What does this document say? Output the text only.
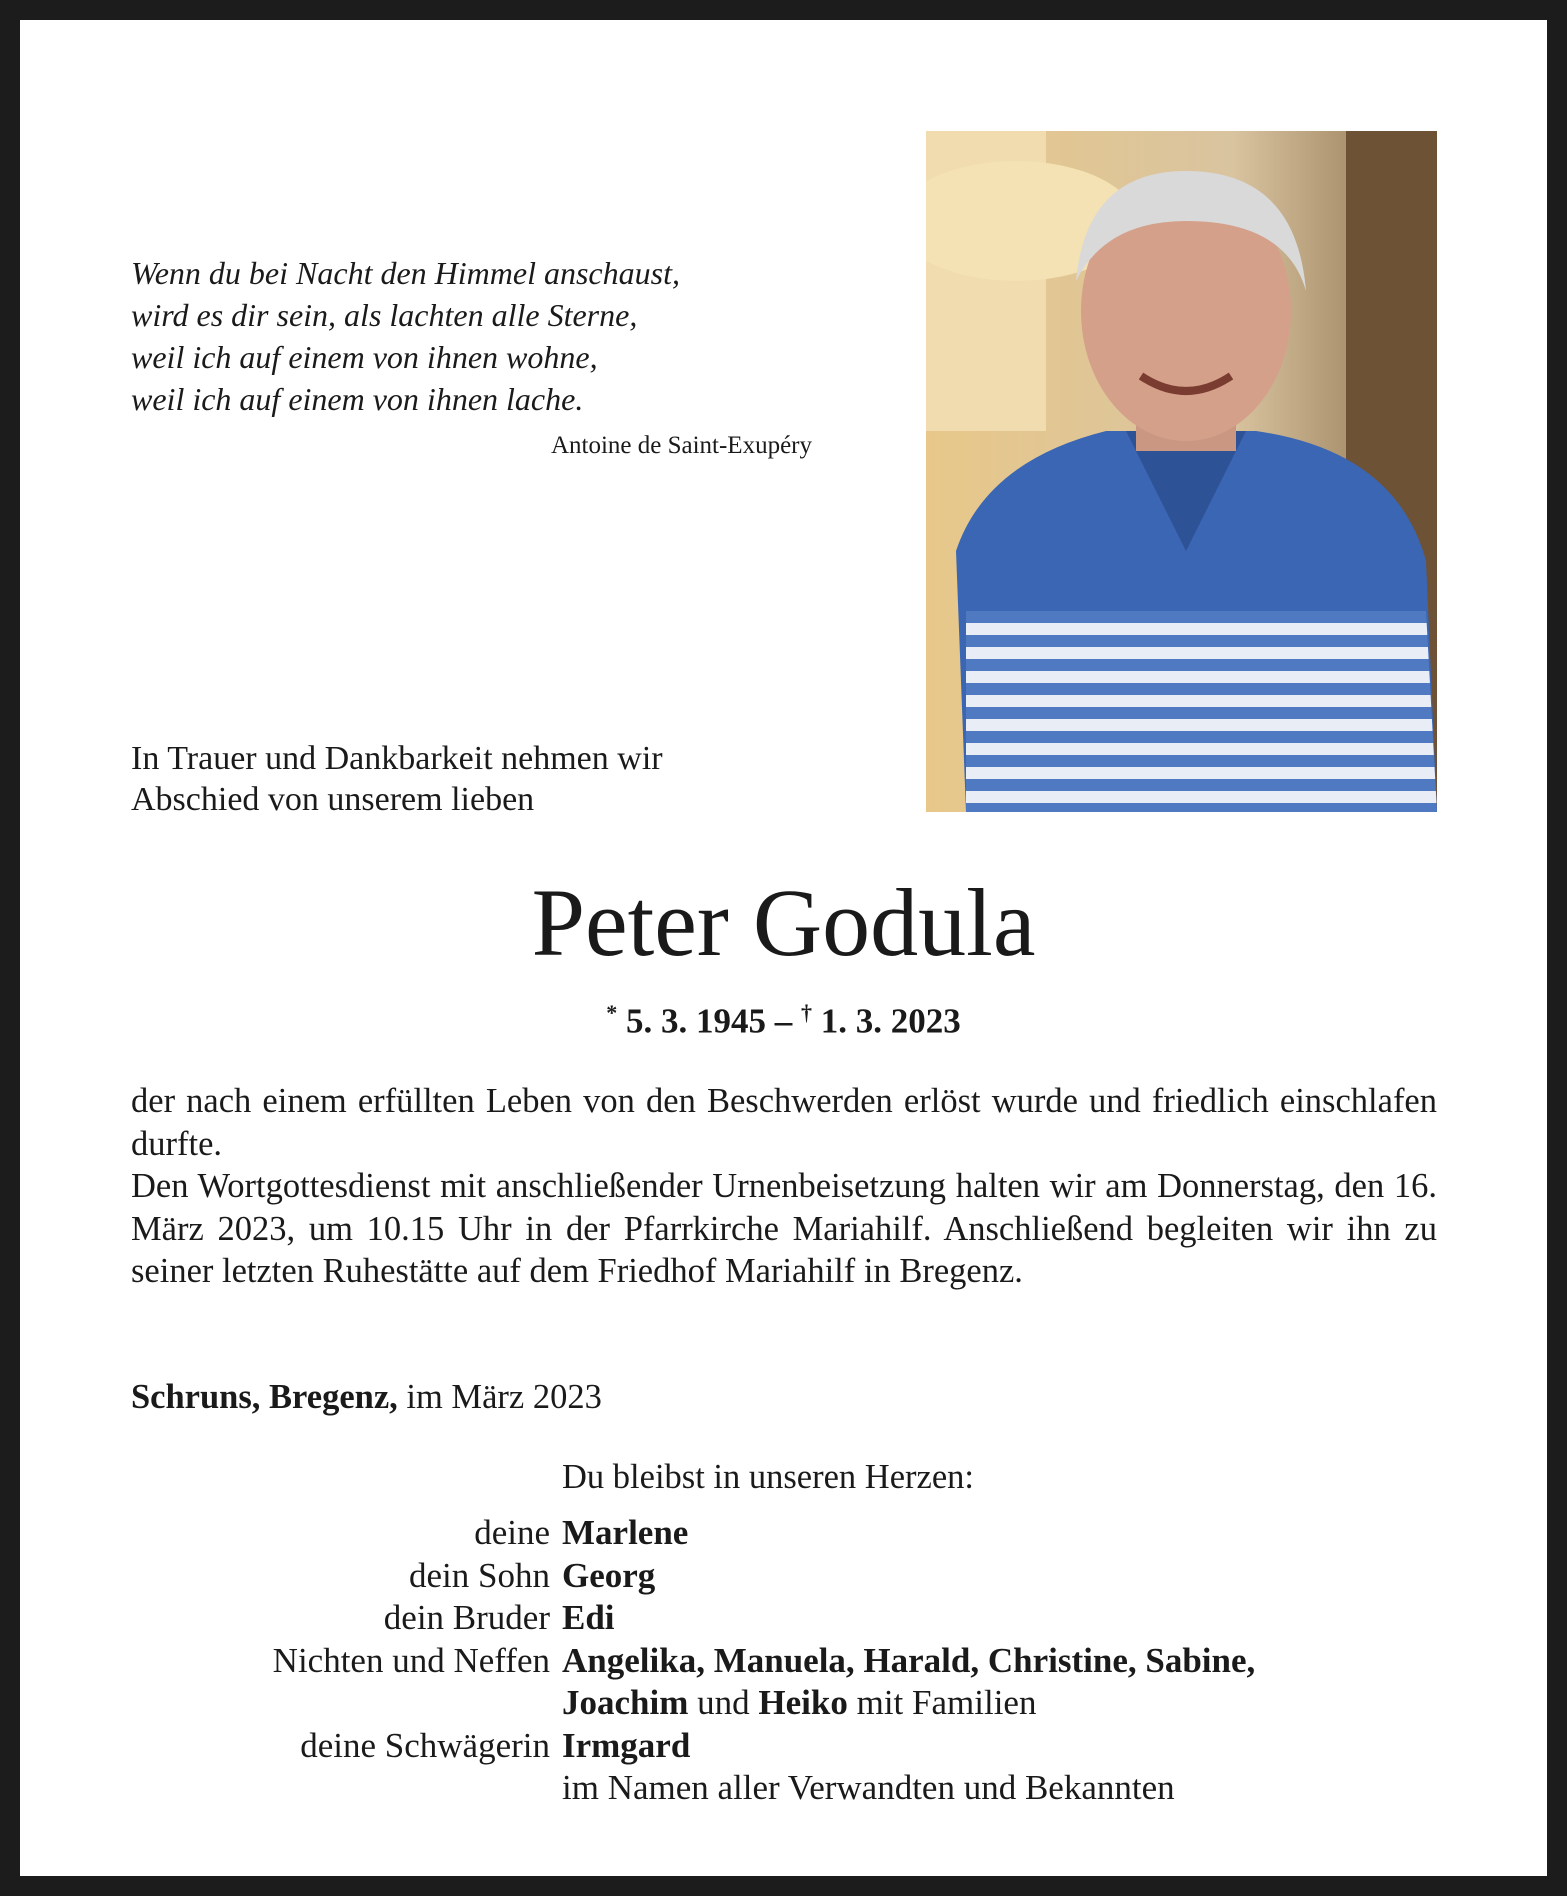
Wenn du bei Nacht den Himmel anschaust,
wird es dir sein, als lachten alle Sterne,
weil ich auf einem von ihnen wohne,
weil ich auf einem von ihnen lache.
Antoine de Saint-Exupéry
In Trauer und Dankbarkeit nehmen wir
Abschied von unserem lieben
Peter Godula
* 5. 3. 1945 – † 1. 3. 2023

der nach einem erfüllten Leben von den Beschwerden erlöst wurde und friedlich einschlafen durfte.

Den Wortgottesdienst mit anschließender Urnenbeisetzung halten wir am Donnerstag, den 16. März 2023, um 10.15 Uhr in der Pfarrkirche Mariahilf. Anschließend begleiten wir ihn zu seiner letzten Ruhestätte auf dem Friedhof Mariahilf in Bregenz.

Schruns, Bregenz, im März 2023
Du bleibst in unseren Herzen:
deine Marlene
dein Sohn Georg
dein Bruder Edi
Nichten und Neffen Angelika, Manuela, Harald, Christine, Sabine,
Joachim und Heiko mit Familien
deine Schwägerin Irmgard
im Namen aller Verwandten und Bekannten
